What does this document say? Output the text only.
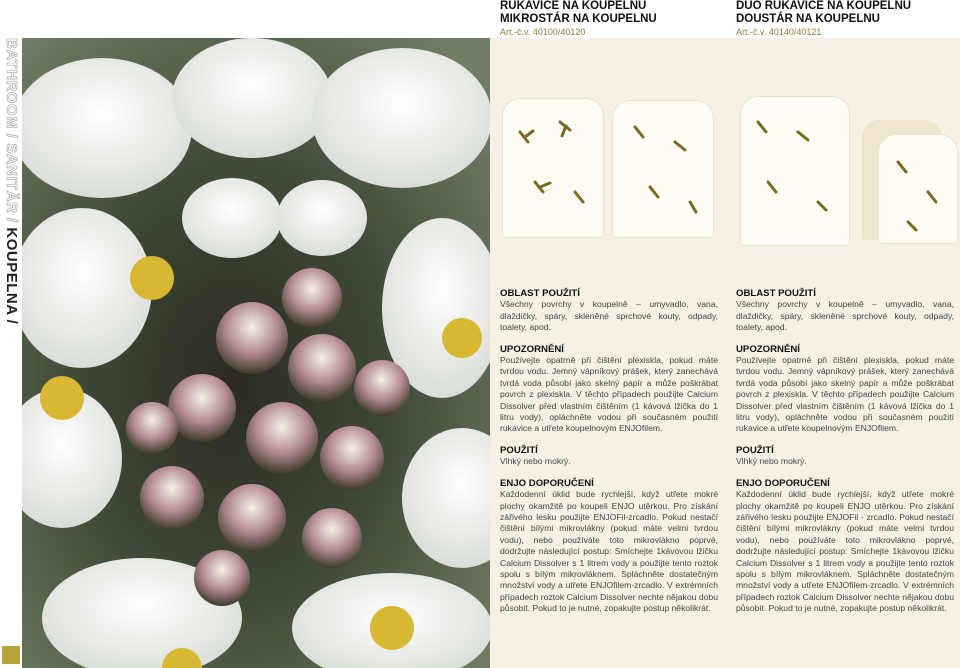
BATHROOM / SANITÄR / KOUPELNA /
RUKAVICE NA KOUPELNU
MIKROSTÁR NA KOUPELNU
Art.-č.v. 40100/40120
DUO RUKAVICE NA KOUPELNU
DOUSTÁR NA KOUPELNU
Art.-č.v. 40140/40121
OBLAST POUŽITÍ

Všechny povrchy v koupelně – umyvadlo, vana, dlaždičky, spáry, skleněné sprchové kouty, odpady, toalety, apod.

UPOZORNĚNÍ

Používejte opatrně při čištění plexiskla, pokud máte tvrdou vodu. Jemný vápníkový prášek, který zanechává tvrdá voda působí jako skelný papír a může poškrábat povrch z plexiskla. V těchto případech použijte Calcium Dissolver před vlastním čištěním (1 kávová lžička do 1 litru vody), opláchněte vodou při současném použití rukavice a utřete koupelnovým ENJOfilem.

POUŽITÍ

Vlhký nebo mokrý.

ENJO DOPORUČENÍ

Každodenní úklid bude rychlejší, když utřete mokré plochy okamžitě po koupeli ENJO utěrkou. Pro získání zářivého lesku použijte ENJOFil-zrcadlo. Pokud nestačí čištění bílými mikrovlákny (pokud máte velmi tvrdou vodu), nebo používáte toto mikrovlákno poprvé, dodržujte následující postup: Smíchejte 1kávovou lžičku Calcium Dissolver s 1 litrem vody a použijte tento roztok spolu s bílým mikrovláknem. Spláchněte dostatečným množství vody a utřete ENJOfilem-zrcadlo. V extrémních případech roztok Calcium Dissolver nechte nějakou dobu působit. Pokud to je nutné, zopakujte postup několikrát.

OBLAST POUŽITÍ

Všechny povrchy v koupelně – umyvadlo, vana, dlaždičky, spáry, skleněné sprchové kouty, odpady, toalety, apod.

UPOZORNĚNÍ

Používejte opatrně při čištění plexiskla, pokud máte tvrdou vodu. Jemný vápníkový prášek, který zanechává tvrdá voda působí jako skelný papír a může poškrábat povrch z plexiskla. V těchto případech použijte Calcium Dissolver před vlastním čištěním (1 kávová lžička do 1 litru vody), opláchněte vodou při současném použití rukavice a utřete koupelnovým ENJOfilem.

POUŽITÍ

Vlhký nebo mokrý.

ENJO DOPORUČENÍ

Každodenní úklid bude rychlejší, když utřete mokré plochy okamžitě po koupeli ENJO utěrkou. Pro získání zářivého lesku použijte ENJOFil - zrcadlo. Pokud nestačí čištění bílými mikrovlákny (pokud máte velmi tvrdou vodu), nebo používáte toto mikrovlákno poprvé, dodržujte následující postup: Smíchejte 1kávovou lžičku Calcium Dissolver s 1 litrem vody a použijte tento roztok spolu s bílým mikrovláknem. Spláchněte dostatečným množství vody a utřete ENJOfilem-zrcadlo. V extrémních případech roztok Calcium Dissolver nechte nějakou dobu působit. Pokud to je nutné, zopakujte postup několikrát.
